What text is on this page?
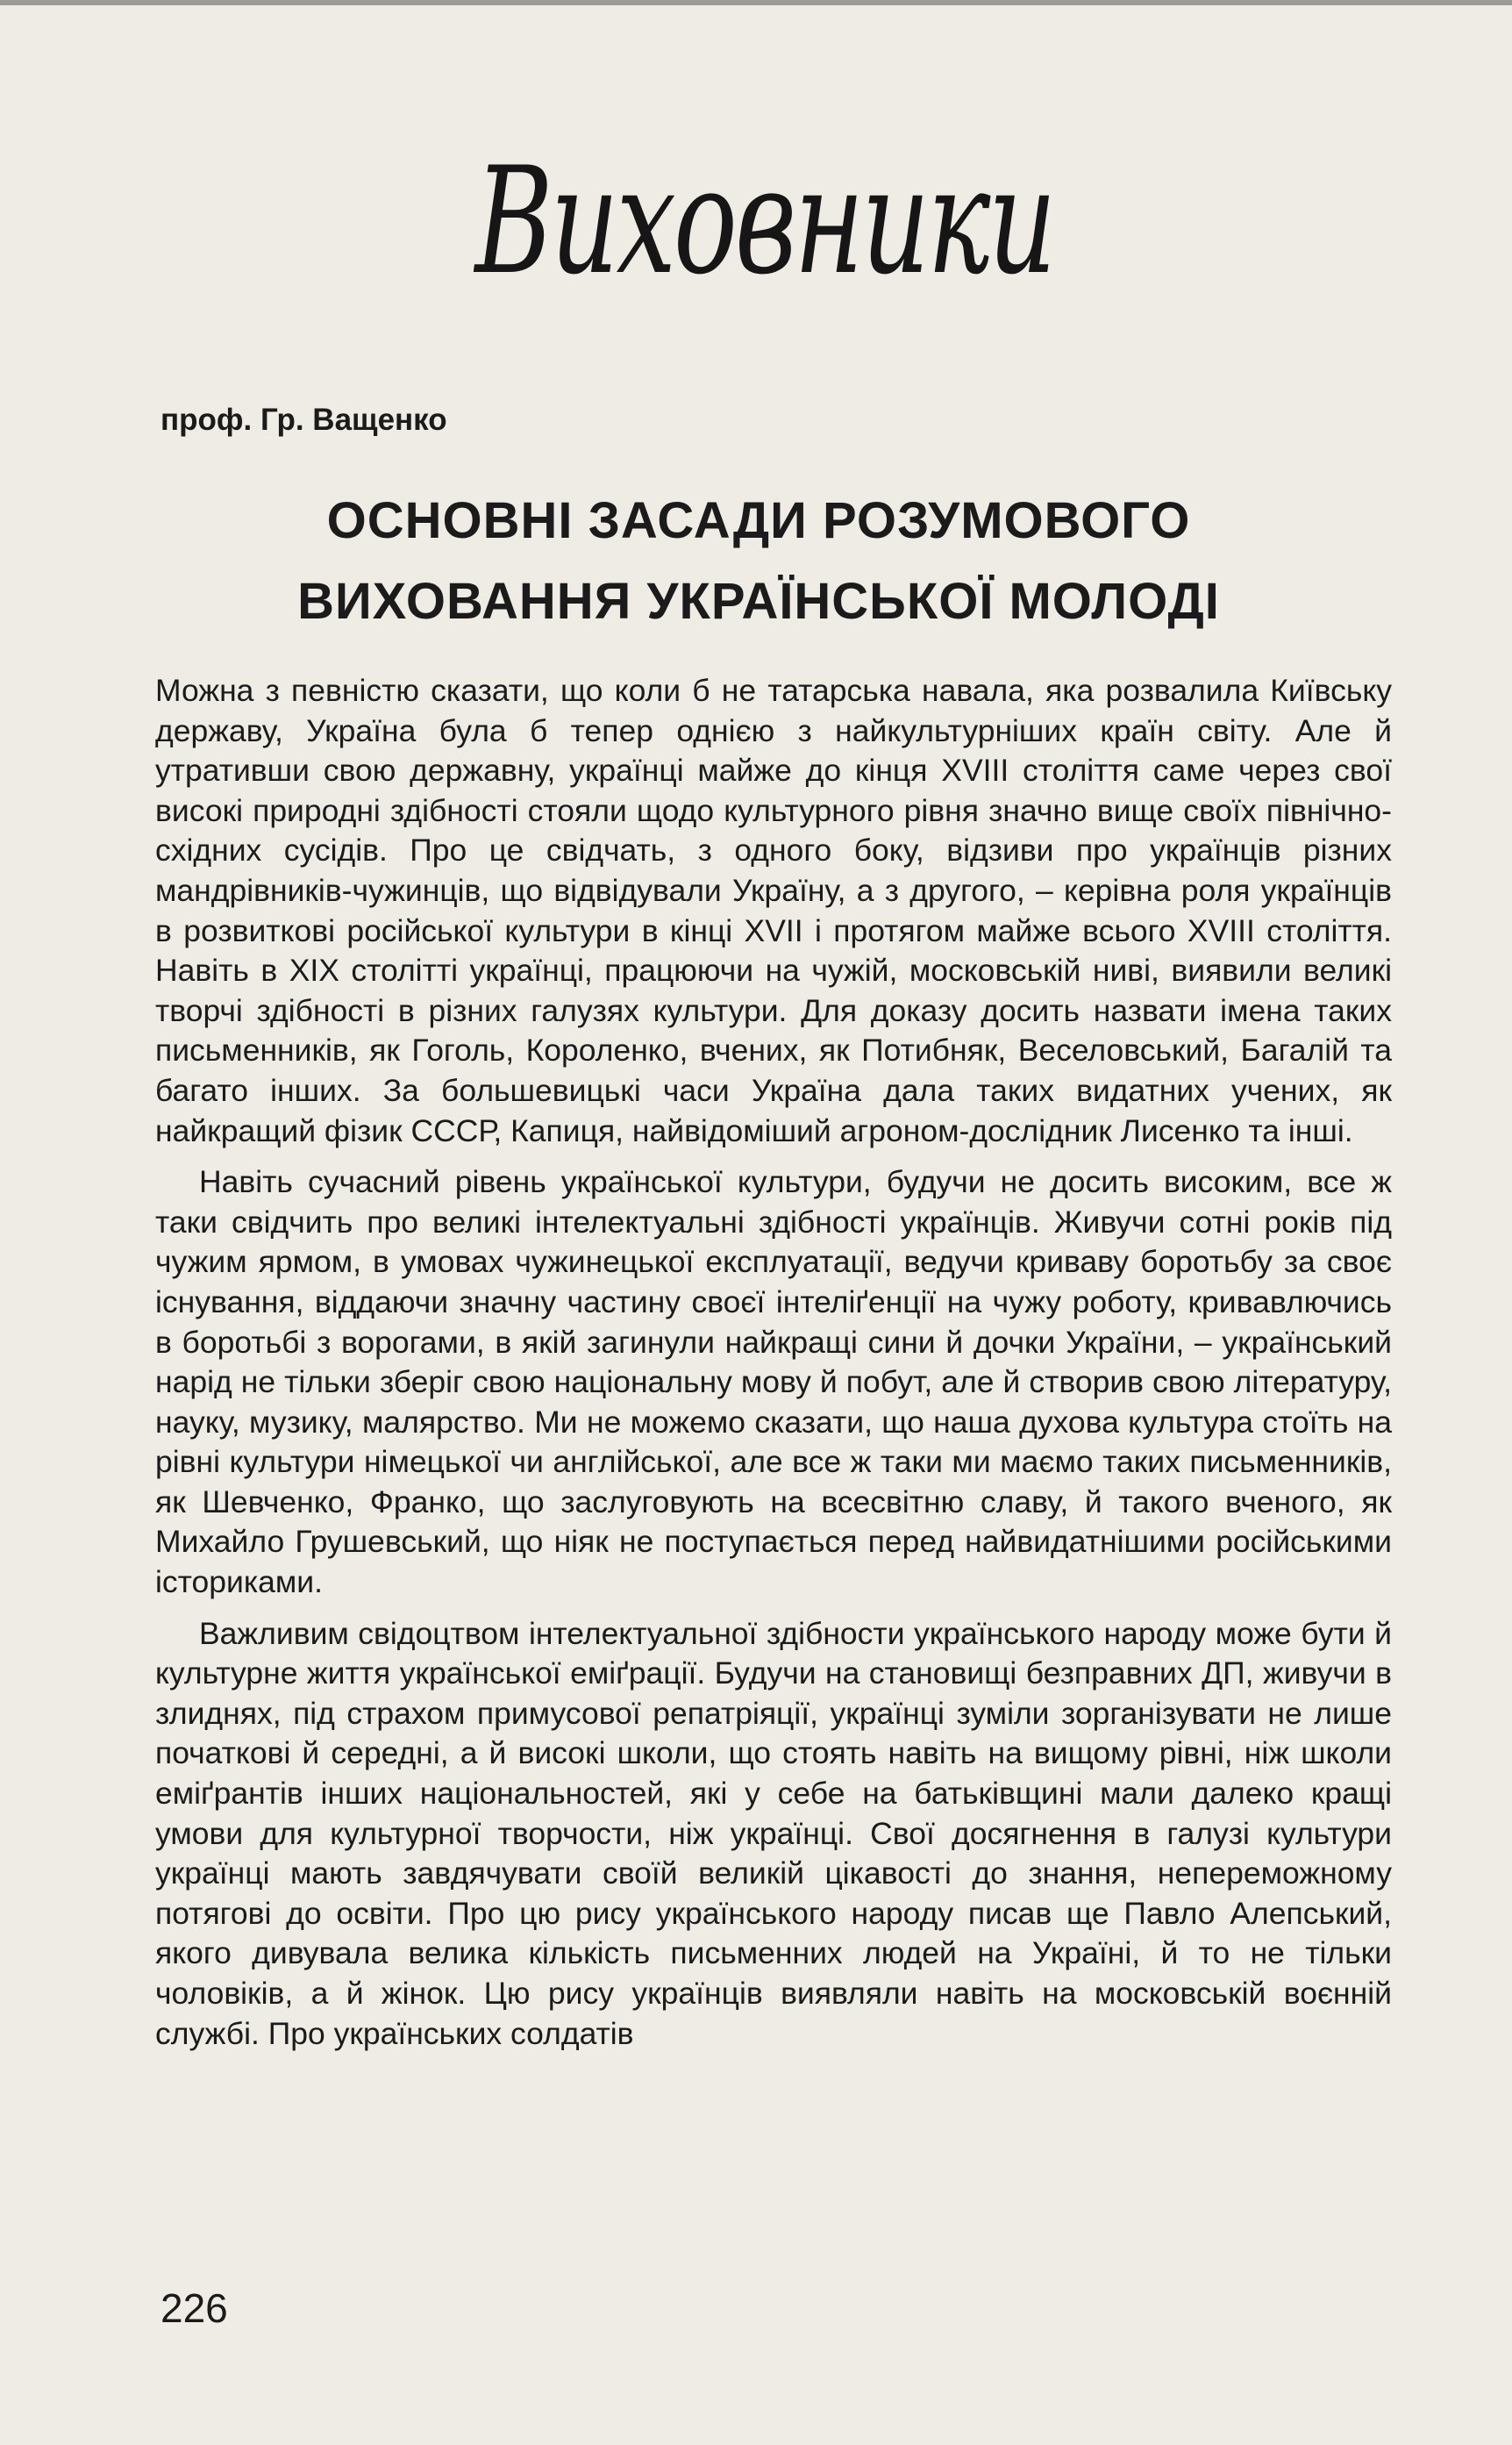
Виховники
проф. Гр. Ващенко
ОСНОВНІ ЗАСАДИ РОЗУМОВОГО
ВИХОВАННЯ УКРАЇНСЬКОЇ МОЛОДІ

Можна з певністю сказати, що коли б не татарська навала, яка розвалила Київську державу, Україна була б тепер однією з найкультурніших країн світу. Але й утративши свою державну, українці майже до кінця XVIII століття саме через свої високі природні здібності стояли щодо культурного рівня значно вище своїх північно-східних сусідів. Про це свідчать, з одного боку, відзиви про українців різних мандрівників-чужинців, що відвідували Україну, а з другого, – керівна роля українців в розвиткові російської культури в кінці XVII і протягом майже всього XVIII століття. Навіть в XIX столітті українці, працюючи на чужій, московській ниві, виявили великі творчі здібності в різних галузях культури. Для доказу досить назвати імена таких письменників, як Гоголь, Короленко, вчених, як Потибняк, Веселовський, Багалій та багато інших. За большевицькі часи Україна дала таких видатних учених, як найкращий фізик СССР, Капиця, найвідоміший агроном-дослідник Лисенко та інші.

Навіть сучасний рівень української культури, будучи не досить високим, все ж таки свідчить про великі інтелектуальні здібності українців. Живучи сотні років під чужим ярмом, в умовах чужинецької експлуатації, ведучи криваву боротьбу за своє існування, віддаючи значну частину своєї інтеліґенції на чужу роботу, кривавлючись в боротьбі з ворогами, в якій загинули найкращі сини й дочки України, – український нарід не тільки зберіг свою національну мову й побут, але й створив свою літературу, науку, музику, малярство. Ми не можемо сказати, що наша духова культура стоїть на рівні культури німецької чи англійської, але все ж таки ми маємо таких письменників, як Шевченко, Франко, що заслуговують на всесвітню славу, й такого вченого, як Михайло Грушевський, що ніяк не поступається перед найвидатнішими російськими істориками.

Важливим свідоцтвом інтелектуальної здібности українського народу може бути й культурне життя української еміґрації. Будучи на становищі безправних ДП, живучи в злиднях, під страхом примусової репатріяції, українці зуміли зорганізувати не лише початкові й середні, а й високі школи, що стоять навіть на вищому рівні, ніж школи еміґрантів інших національностей, які у себе на батьківщині мали далеко кращі умови для культурної творчости, ніж українці. Свої досягнення в галузі культури українці мають завдячувати своїй великій цікавості до знання, непереможному потягові до освіти. Про цю рису українського народу писав ще Павло Алепський, якого дивувала велика кількість письменних людей на Україні, й то не тільки чоловіків, а й жінок. Цю рису українців виявляли навіть на московській воєнній службі. Про українських солдатів

226
